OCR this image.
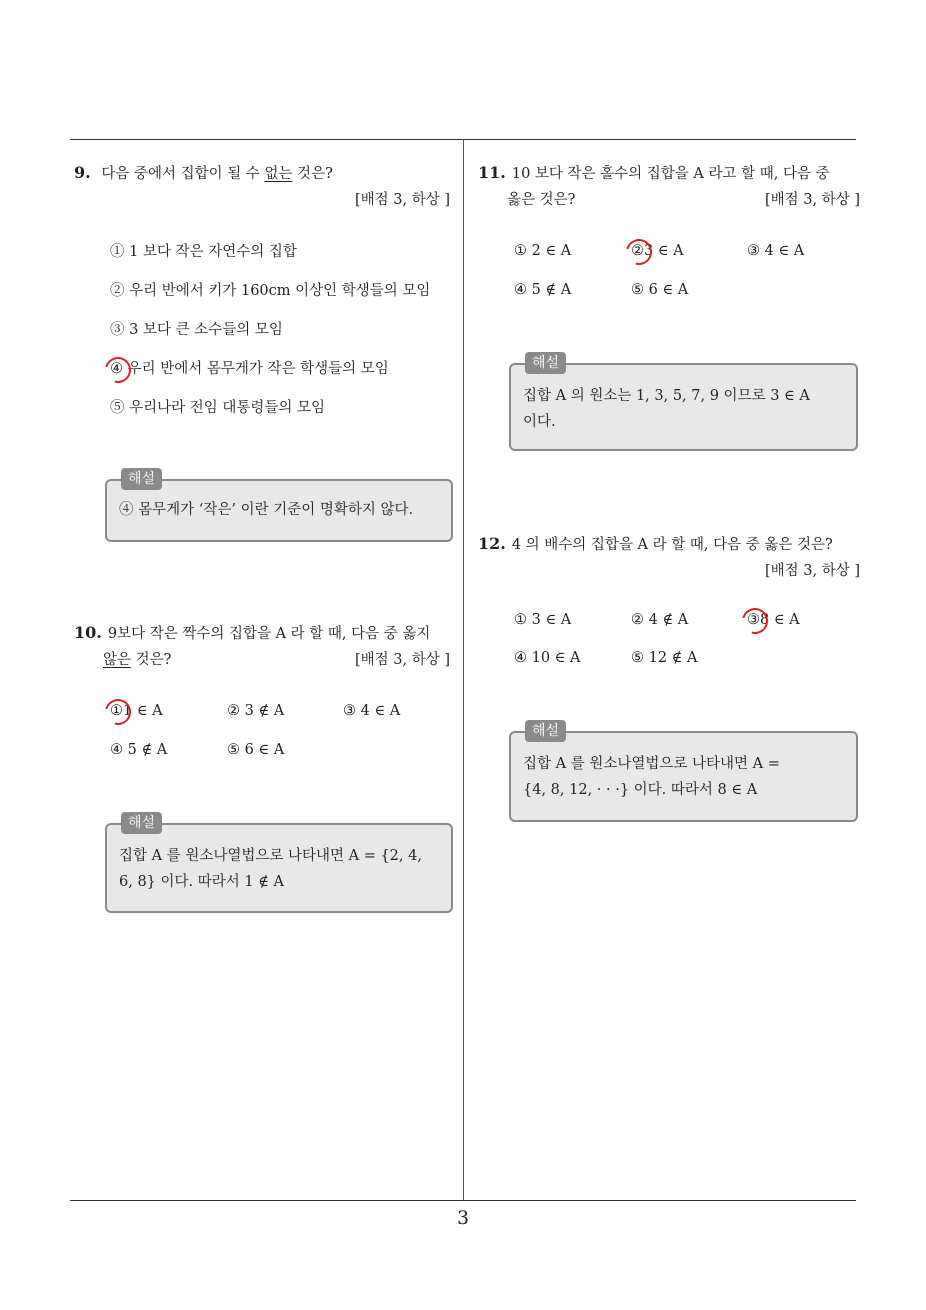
3
9. 다음 중에서 집합이 될 수 없는 것은?
[배점 3, 하상 ]
① 1 보다 작은 자연수의 집합
② 우리 반에서 키가 160cm 이상인 학생들의 모임
③ 3 보다 큰 소수들의 모임
④ 우리 반에서 몸무게가 작은 학생들의 모임
⑤ 우리나라 전임 대통령들의 모임
해설
④ 몸무게가 ‘작은’ 이란 기준이 명확하지 않다.
10. 9보다 작은 짝수의 집합을 A 라 할 때, 다음 중 옳지
않은 것은?	[배점 3, 하상 ]
①1 ∈ A	② 3 ∉ A	③ 4 ∈ A
④ 5 ∉ A	⑤ 6 ∈ A
해설
집합 A 를 원소나열법으로 나타내면 A = {2, 4,
6, 8} 이다. 따라서 1 ∉ A
11. 10 보다 작은 홀수의 집합을 A 라고 할 때, 다음 중
옳은 것은?	[배점 3, 하상 ]
① 2 ∈ A	②3 ∈ A	③ 4 ∈ A
④ 5 ∉ A	⑤ 6 ∈ A
해설
집합 A 의 원소는 1, 3, 5, 7, 9 이므로 3 ∈ A
이다.
12. 4 의 배수의 집합을 A 라 할 때, 다음 중 옳은 것은?
[배점 3, 하상 ]
① 3 ∈ A	② 4 ∉ A	③8 ∈ A
④ 10 ∈ A	⑤ 12 ∉ A
해설
집합 A 를 원소나열법으로 나타내면 A =
{4, 8, 12, · · ·} 이다. 따라서 8 ∈ A
